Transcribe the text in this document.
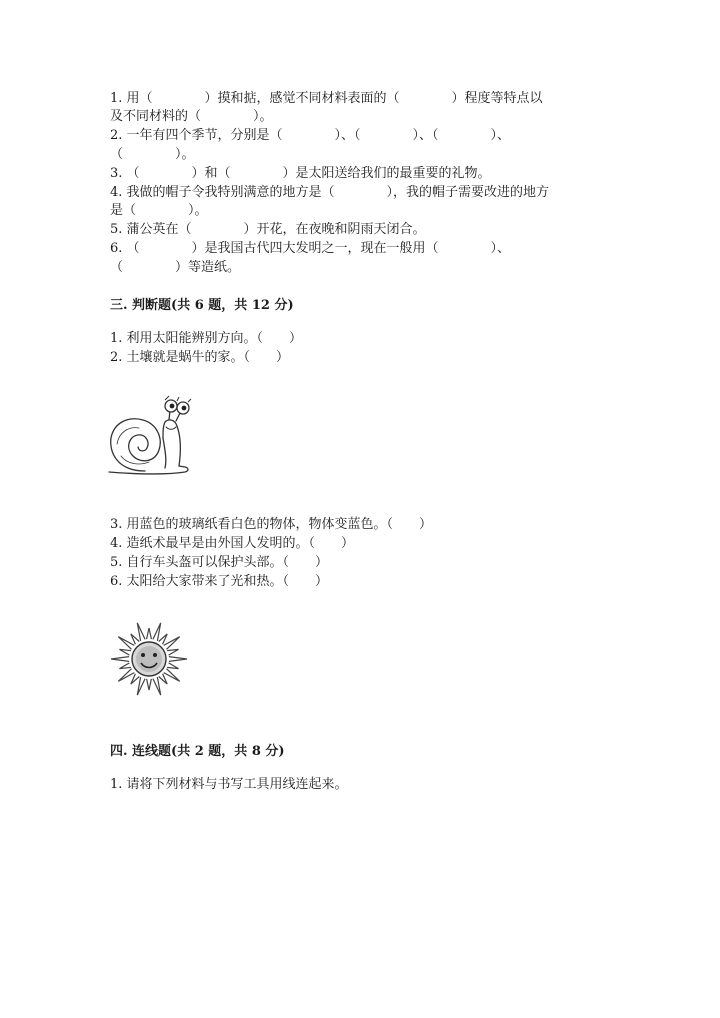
1. 用（　　　　）摸和掂，感觉不同材料表面的（　　　　）程度等特点以
及不同材料的（　　　　）。
2. 一年有四个季节，分别是（　　　　）、（　　　　）、（　　　　）、
（　　　　）。
3. （　　　　）和（　　　　）是太阳送给我们的最重要的礼物。
4. 我做的帽子令我特别满意的地方是（　　　　），我的帽子需要改进的地方
是（　　　　）。
5. 蒲公英在（　　　　）开花，在夜晚和阴雨天闭合。
6. （　　　　）是我国古代四大发明之一，现在一般用（　　　　）、
（　　　　）等造纸。
三. 判断题(共 6 题，共 12 分)
1. 利用太阳能辨别方向。（　　）
2. 土壤就是蜗牛的家。（　　）
3. 用蓝色的玻璃纸看白色的物体，物体变蓝色。（　　）
4. 造纸术最早是由外国人发明的。（　　）
5. 自行车头盔可以保护头部。（　　）
6. 太阳给大家带来了光和热。（　　）
四. 连线题(共 2 题，共 8 分)
1. 请将下列材料与书写工具用线连起来。
